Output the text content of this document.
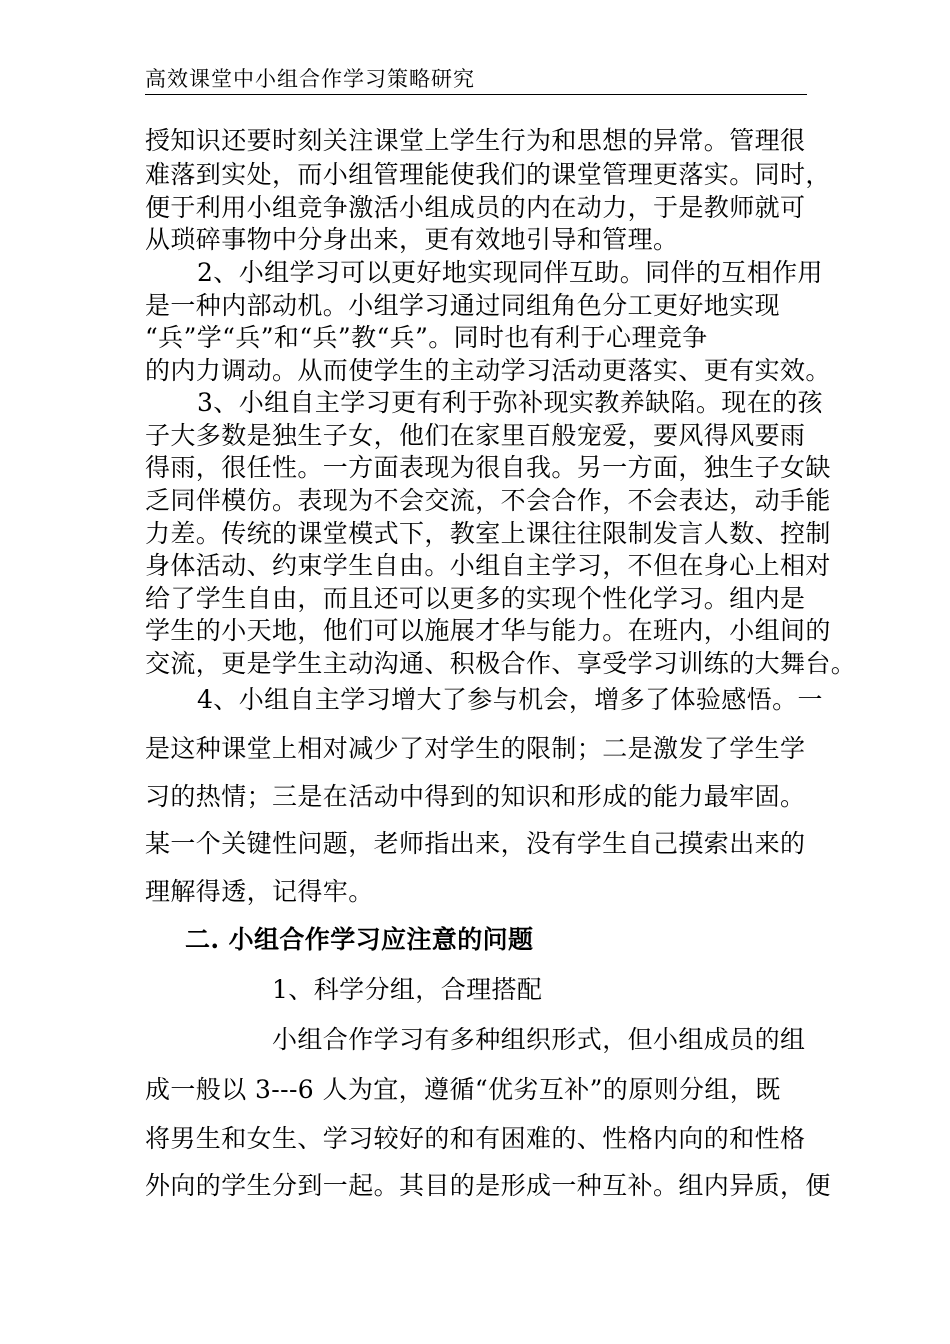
高效课堂中小组合作学习策略研究
授知识还要时刻关注课堂上学生行为和思想的异常。管理很
难落到实处，而小组管理能使我们的课堂管理更落实。同时，
便于利用小组竞争激活小组成员的内在动力，于是教师就可
从琐碎事物中分身出来，更有效地引导和管理。
2、小组学习可以更好地实现同伴互助。同伴的互相作用
是一种内部动机。小组学习通过同组角色分工更好地实现
“兵”学“兵”和“兵”教“兵”。同时也有利于心理竞争
的内力调动。从而使学生的主动学习活动更落实、更有实效。
3、小组自主学习更有利于弥补现实教养缺陷。现在的孩
子大多数是独生子女，他们在家里百般宠爱，要风得风要雨
得雨，很任性。一方面表现为很自我。另一方面，独生子女缺
乏同伴模仿。表现为不会交流，不会合作，不会表达，动手能
力差。传统的课堂模式下，教室上课往往限制发言人数、控制
身体活动、约束学生自由。小组自主学习，不但在身心上相对
给了学生自由，而且还可以更多的实现个性化学习。组内是
学生的小天地，他们可以施展才华与能力。在班内，小组间的
交流，更是学生主动沟通、积极合作、享受学习训练的大舞台。
4、小组自主学习增大了参与机会，增多了体验感悟。一
是这种课堂上相对减少了对学生的限制；二是激发了学生学
习的热情；三是在活动中得到的知识和形成的能力最牢固。
某一个关键性问题，老师指出来，没有学生自己摸索出来的
理解得透，记得牢。
二. 小组合作学习应注意的问题
1、科学分组，合理搭配
小组合作学习有多种组织形式，但小组成员的组
成一般以 3---6 人为宜，遵循“优劣互补”的原则分组，既
将男生和女生、学习较好的和有困难的、性格内向的和性格
外向的学生分到一起。其目的是形成一种互补。组内异质，便
